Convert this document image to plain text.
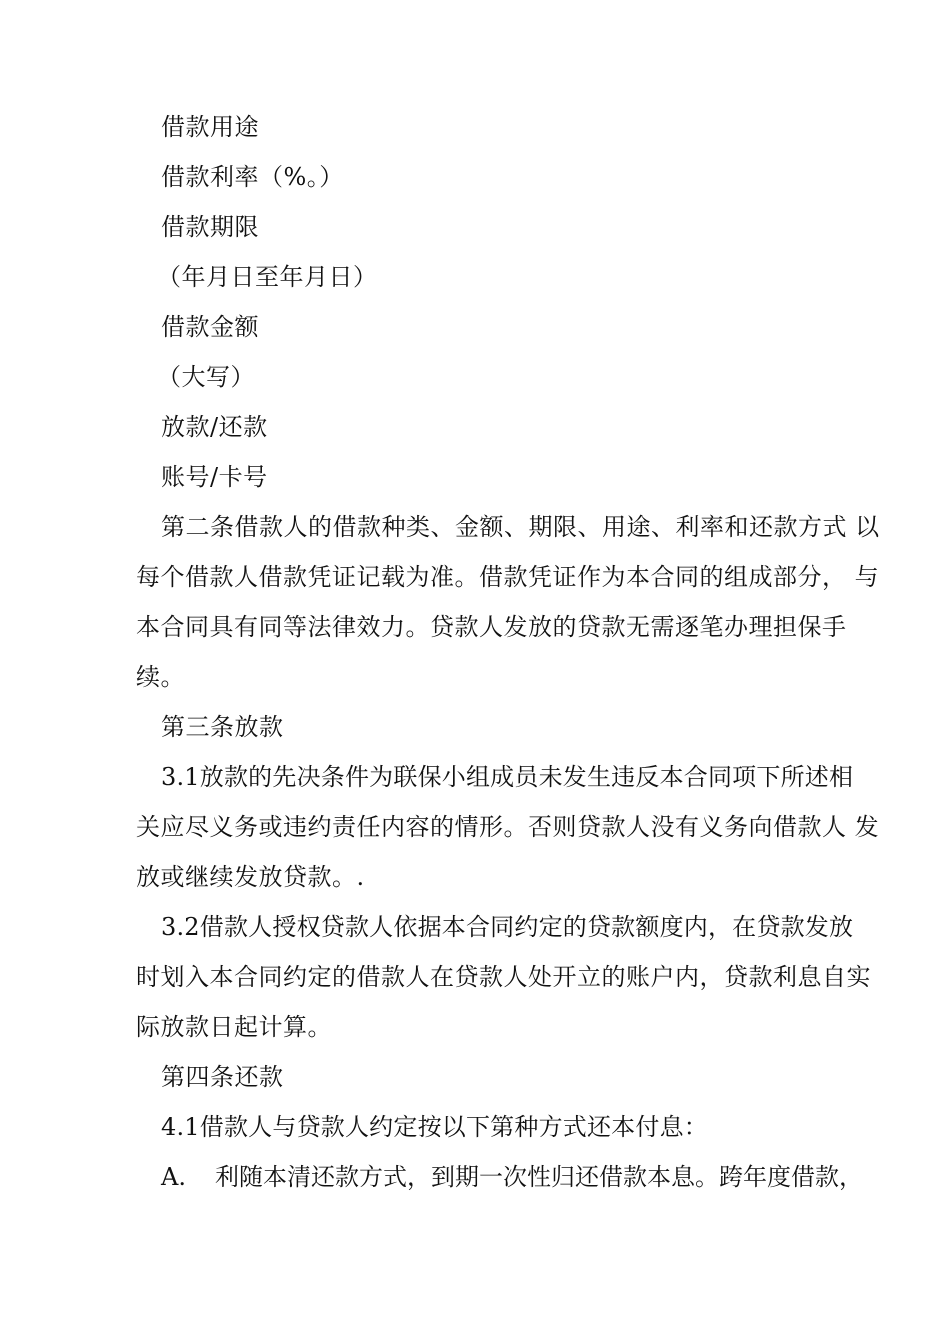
借款用途
借款利率（%。）
借款期限
（年月日至年月日）
借款金额
（大写）
放款/还款
账号/卡号
第二条借款人的借款种类、金额、期限、用途、利率和还款方式 以
每个借款人借款凭证记载为准。借款凭证作为本合同的组成部分， 与
本合同具有同等法律效力。贷款人发放的贷款无需逐笔办理担保手
续。
第三条放款
3.1放款的先决条件为联保小组成员未发生违反本合同项下所述相
关应尽义务或违约责任内容的情形。否则贷款人没有义务向借款人 发
放或继续发放贷款。.
3.2借款人授权贷款人依据本合同约定的贷款额度内，在贷款发放
时划入本合同约定的借款人在贷款人处开立的账户内，贷款利息自实
际放款日起计算。
第四条还款
4.1借款人与贷款人约定按以下第种方式还本付息：
A. 利随本清还款方式，到期一次性归还借款本息。跨年度借款，
